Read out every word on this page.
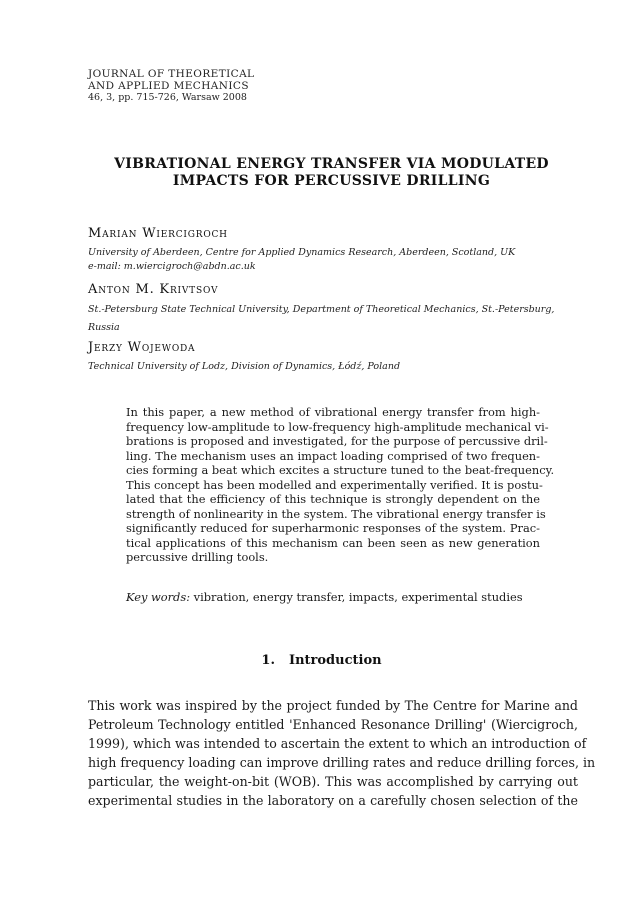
JOURNAL OF THEORETICAL
AND APPLIED MECHANICS
46, 3, pp. 715-726, Warsaw 2008
VIBRATIONAL ENERGY TRANSFER VIA MODULATED
IMPACTS FOR PERCUSSIVE DRILLING
Marian Wiercigroch
University of Aberdeen, Centre for Applied Dynamics Research, Aberdeen, Scotland, UK
e-mail: m.wiercigroch@abdn.ac.uk
Anton M. Krivtsov
St.-Petersburg State Technical University, Department of Theoretical Mechanics, St.-Petersburg,
Russia
Jerzy Wojewoda
Technical University of Lodz, Division of Dynamics, Łódź, Poland
In this paper, a new method of vibrational energy transfer from high-
frequency low-amplitude to low-frequency high-amplitude mechanical vi-
brations is proposed and investigated, for the purpose of percussive dril-
ling. The mechanism uses an impact loading comprised of two frequen-
cies forming a beat which excites a structure tuned to the beat-frequency.
This concept has been modelled and experimentally verified. It is postu-
lated that the efficiency of this technique is strongly dependent on the
strength of nonlinearity in the system. The vibrational energy transfer is
significantly reduced for superharmonic responses of the system. Prac-
tical applications of this mechanism can been seen as new generation
percussive drilling tools.
Key words: vibration, energy transfer, impacts, experimental studies
1. Introduction
This work was inspired by the project funded by The Centre for Marine and
Petroleum Technology entitled 'Enhanced Resonance Drilling' (Wiercigroch,
1999), which was intended to ascertain the extent to which an introduction of
high frequency loading can improve drilling rates and reduce drilling forces, in
particular, the weight-on-bit (WOB). This was accomplished by carrying out
experimental studies in the laboratory on a carefully chosen selection of the
